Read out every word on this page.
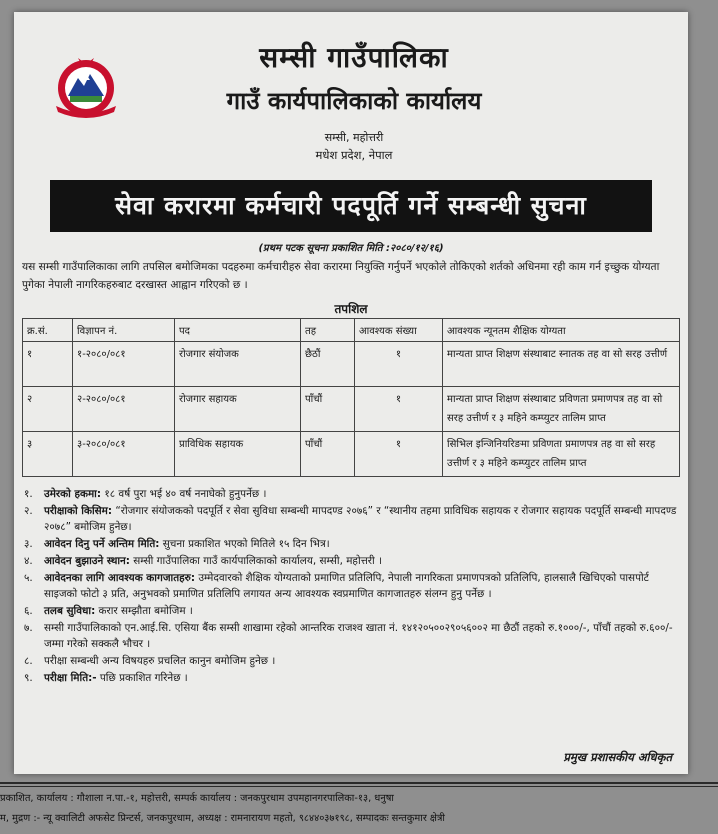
सम्सी गाउँपालिका
गाउँ कार्यपालिकाको कार्यालय
सम्सी, महोत्तरी
मधेश प्रदेश, नेपाल
सेवा करारमा कर्मचारी पदपूर्ति गर्ने सम्बन्धी सुचना
(प्रथम पटक सूचना प्रकाशित मिति :२०८०/१२/१६)
यस सम्सी गाउँपालिकाका लागि तपसिल बमोजिमका पदहरुमा कर्मचारीहरु सेवा करारमा नियुक्ति गर्नुपर्ने भएकोले तोकिएको शर्तको अधिनमा रही काम गर्न इच्छुक योग्यता पुगेका नेपाली नागरिकहरुबाट दरखास्त आह्वान गरिएको छ ।
तपशिल
क्र.सं.	विज्ञापन नं.	पद	तह	आवश्यक संख्या	आवश्यक न्यूनतम शैक्षिक योग्यता
१	१-२०८०/०८१	रोजगार संयोजक	छैठौं	१	मान्यता प्राप्त शिक्षण संस्थाबाट स्नातक तह वा सो सरह उत्तीर्ण
२	२-२०८०/०८१	रोजगार सहायक	पाँचौं	१	मान्यता प्राप्त शिक्षण संस्थाबाट प्रविणता प्रमाणपत्र तह वा सो सरह उत्तीर्ण र ३ महिने कम्प्युटर तालिम प्राप्त
३	३-२०८०/०८१	प्राविधिक सहायक	पाँचौं	१	सिभिल इन्जिनियरिङमा प्रविणता प्रमाणपत्र तह वा सो सरह उत्तीर्ण र ३ महिने कम्प्युटर तालिम प्राप्त
१. उमेरको हकमा: १८ वर्ष पुरा भई ४० वर्ष ननाघेको हुनुपर्नेछ ।
२. परीक्षाको किसिम: “रोजगार संयोजकको पदपूर्ति र सेवा सुविधा सम्बन्धी मापदण्ड २०७६” र “स्थानीय तहमा प्राविधिक सहायक र रोजगार सहायक पदपूर्ति सम्बन्धी मापदण्ड २०७८” बमोजिम हुनेछ।
३. आवेदन दिनु पर्ने अन्तिम मिति: सुचना प्रकाशित भएको मितिले १५ दिन भित्र।
४. आवेदन बुझाउने स्थान: सम्सी गाउँपालिका गाउँ कार्यपालिकाको कार्यालय, सम्सी, महोत्तरी ।
५. आवेदनका लागि आवश्यक कागजातहरु: उम्मेदवारको शैक्षिक योग्यताको प्रमाणित प्रतिलिपि, नेपाली नागरिकता प्रमाणपत्रको प्रतिलिपि, हालसालै खिचिएको पासपोर्ट साइजको फोटो ३ प्रति, अनुभवको प्रमाणित प्रतिलिपि लगायत अन्य आवश्यक स्वप्रमाणित कागजातहरु संलग्न हुनु पर्नेछ ।
६. तलब सुविधा: करार सम्झौता बमोजिम ।
७. सम्सी गाउँपालिकाको एन.आई.सि. एसिया बैंक सम्सी शाखामा रहेको आन्तरिक राजश्व खाता नं. १४१२०५००२९०५६००२ मा छैठौं तहको रु.१०००/-, पाँचौं तहको रु.६००/- जम्मा गरेको सक्कलै भौचर ।
८. परीक्षा सम्बन्धी अन्य विषयहरु प्रचलित कानुन बमोजिम हुनेछ ।
९. परीक्षा मिति:- पछि प्रकाशित गरिनेछ ।
प्रमुख प्रशासकीय अधिकृत
प्रकाशित, कार्यालय : गौशाला न.पा.-१, महोत्तरी, सम्पर्क कार्यालय : जनकपुरधाम उपमहानगरपालिका-१३, धनुषा
म, मुद्रण :- न्यू क्वालिटी अफसेट प्रिन्टर्स, जनकपुरधाम, अध्यक्ष : रामनारायण महतो, ९८४४०३७१९८, सम्पादकः सन्तकुमार क्षेत्री
